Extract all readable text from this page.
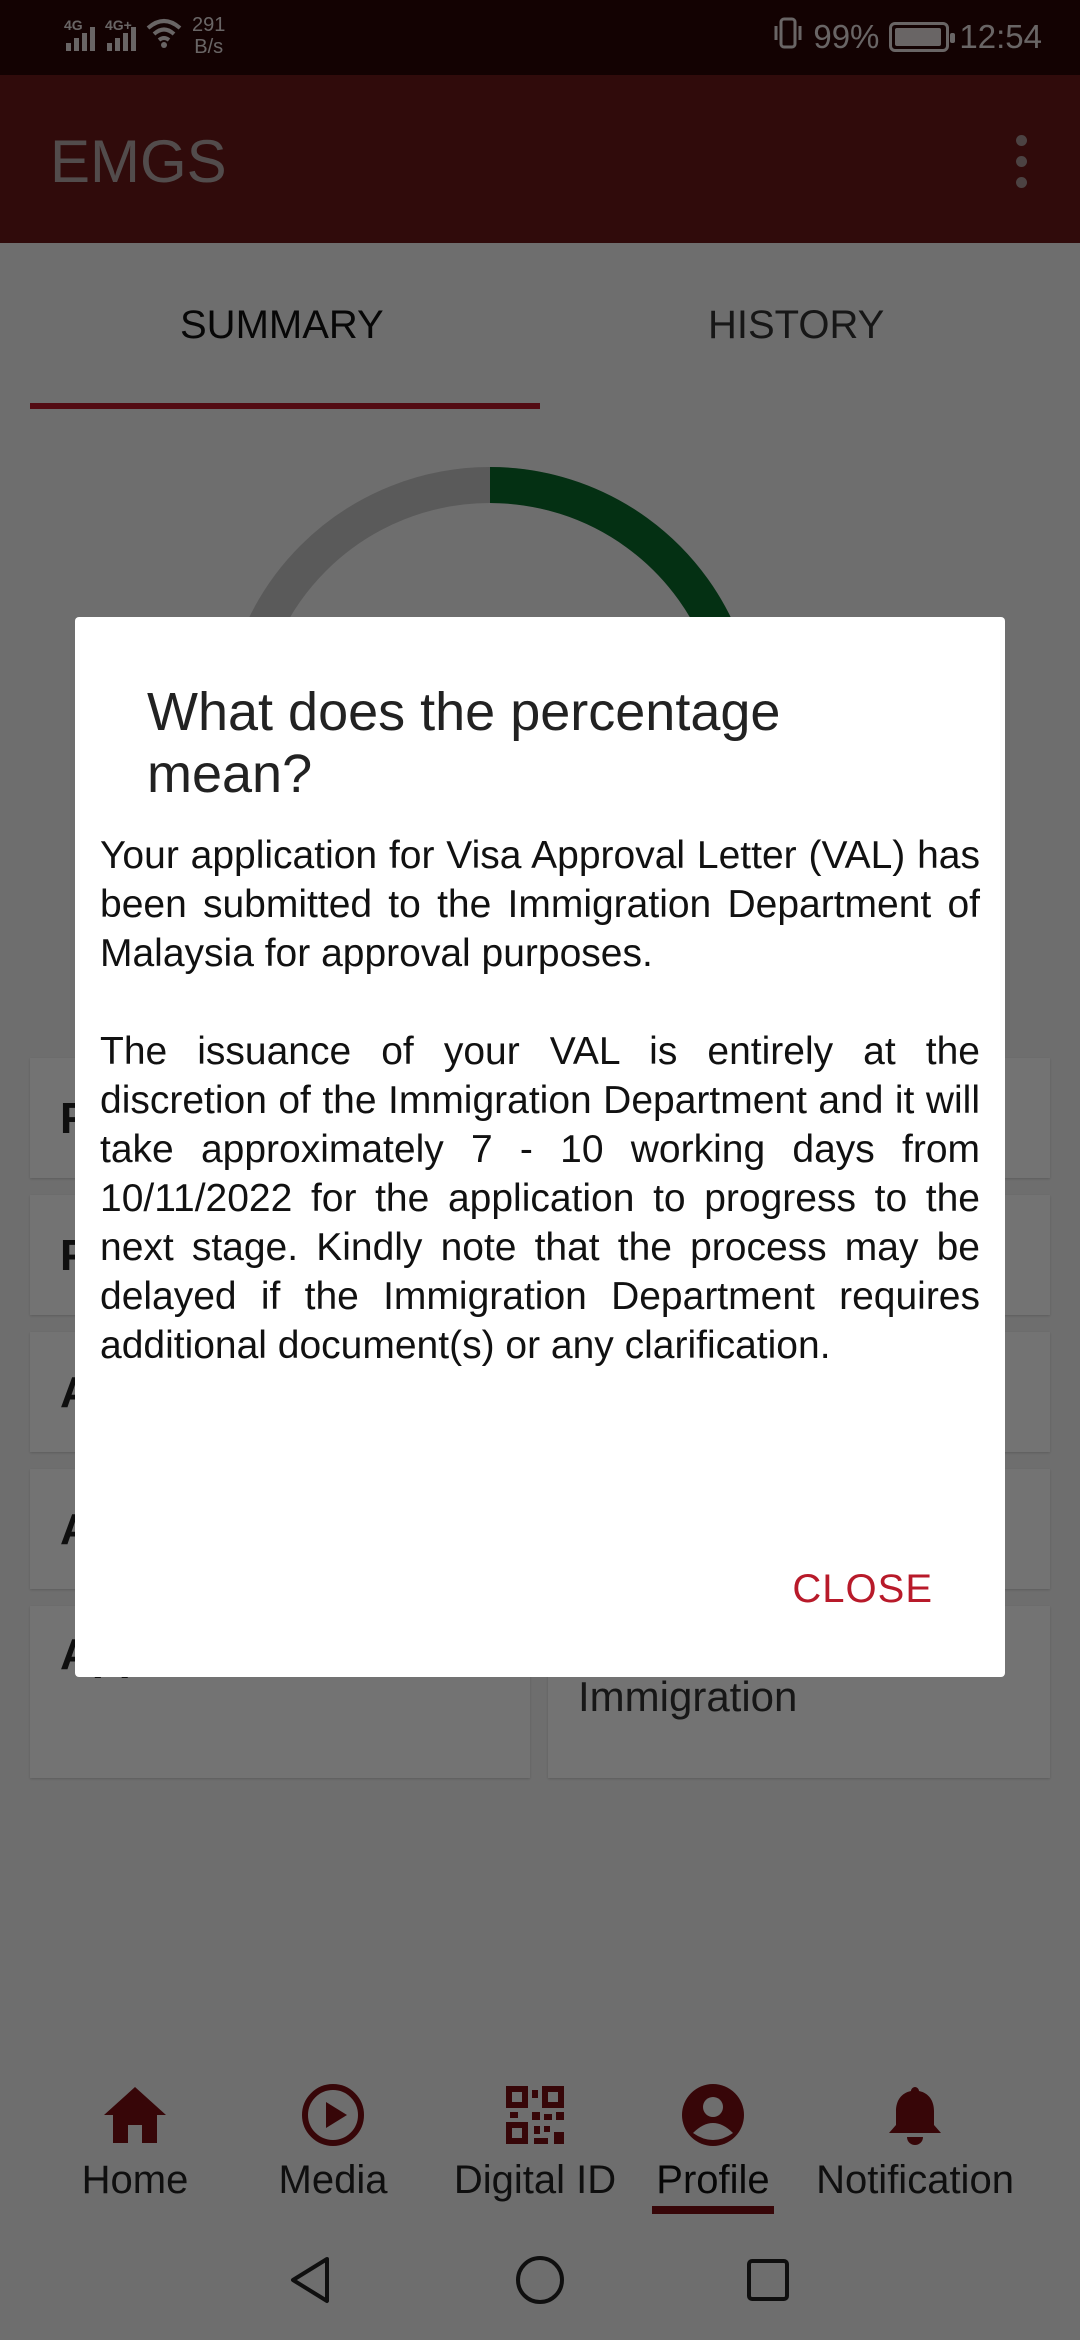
What does the percentage mean?

Your application for Visa Approval Letter (VAL) has been submitted to the Immigration Department of Malaysia for approval purposes.

The issuance of your VAL is entirely at the discretion of the Immigration Department and it will take approximately 7 - 10 working days from 10/11/2022 for the application to progress to the next stage. Kindly note that the process may be delayed if the Immigration Department requires additional document(s) or any clarification.

CLOSE
